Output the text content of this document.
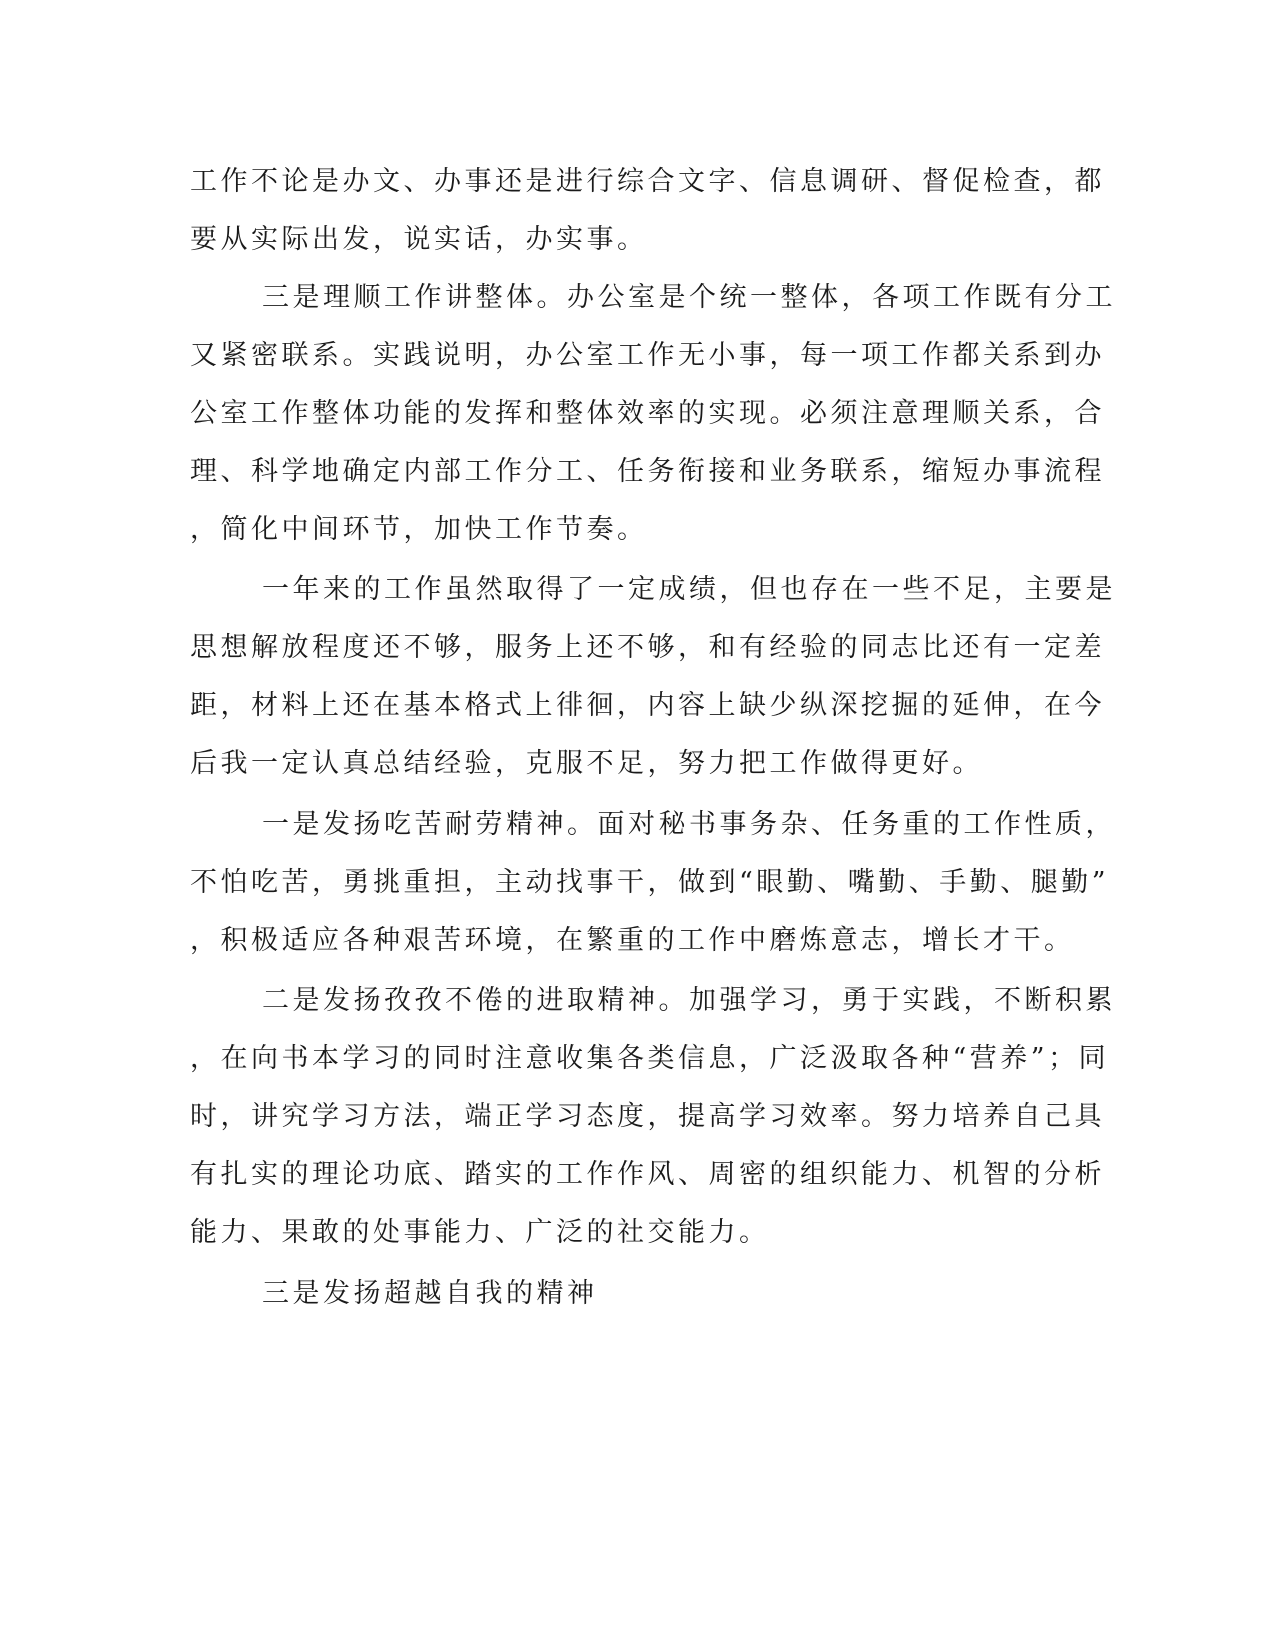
工作不论是办文、办事还是进行综合文字、信息调研、督促检查，都
要从实际出发，说实话，办实事。
三是理顺工作讲整体。办公室是个统一整体，各项工作既有分工
又紧密联系。实践说明，办公室工作无小事，每一项工作都关系到办
公室工作整体功能的发挥和整体效率的实现。必须注意理顺关系，合
理、科学地确定内部工作分工、任务衔接和业务联系，缩短办事流程
，简化中间环节，加快工作节奏。
一年来的工作虽然取得了一定成绩，但也存在一些不足，主要是
思想解放程度还不够，服务上还不够，和有经验的同志比还有一定差
距，材料上还在基本格式上徘徊，内容上缺少纵深挖掘的延伸，在今
后我一定认真总结经验，克服不足，努力把工作做得更好。
一是发扬吃苦耐劳精神。面对秘书事务杂、任务重的工作性质，
不怕吃苦，勇挑重担，主动找事干，做到“眼勤、嘴勤、手勤、腿勤”
，积极适应各种艰苦环境，在繁重的工作中磨炼意志，增长才干。
二是发扬孜孜不倦的进取精神。加强学习，勇于实践，不断积累
，在向书本学习的同时注意收集各类信息，广泛汲取各种“营养”；同
时，讲究学习方法，端正学习态度，提高学习效率。努力培养自己具
有扎实的理论功底、踏实的工作作风、周密的组织能力、机智的分析
能力、果敢的处事能力、广泛的社交能力。
三是发扬超越自我的精神
